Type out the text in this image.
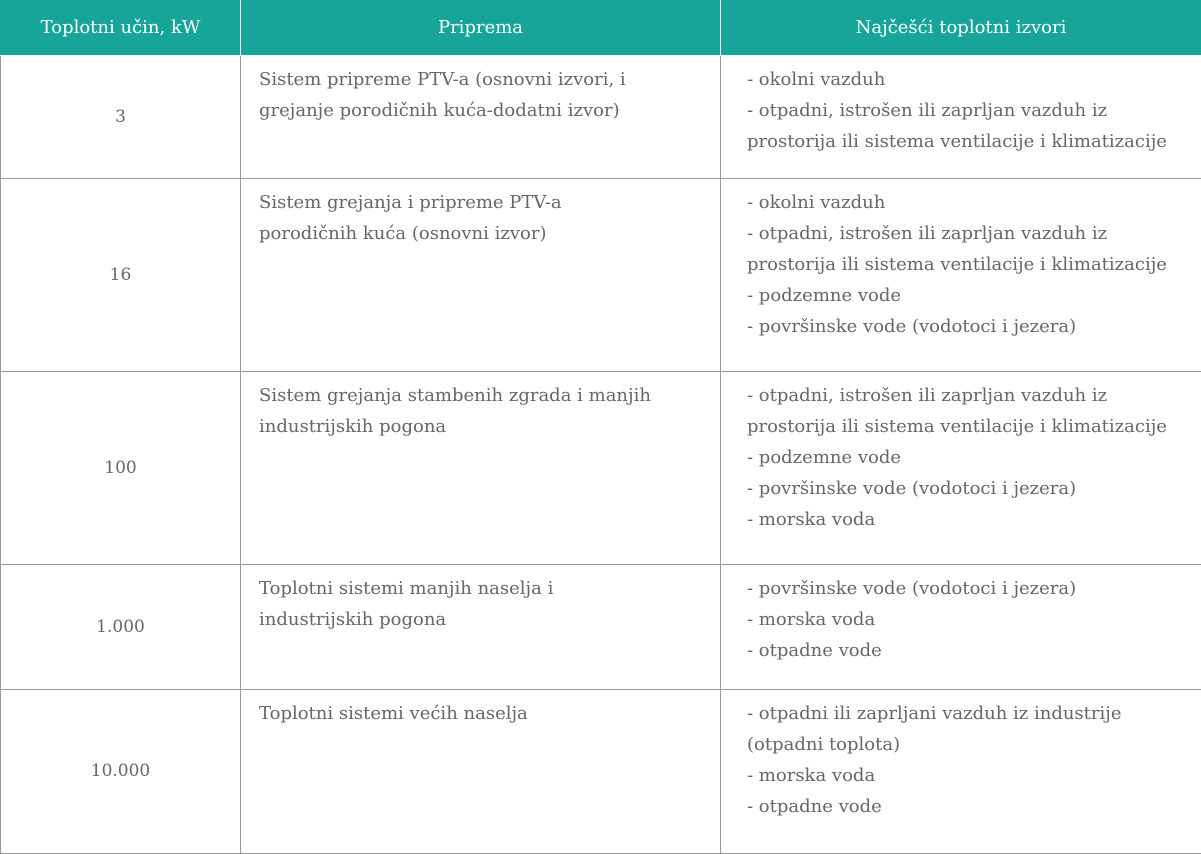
Toplotni učin, kW	Priprema	Najčešći toplotni izvori
3	Sistem pripreme PTV-a (osnovni izvori, i
grejanje porodičnih kuća-dodatni izvor)	- okolni vazduh
- otpadni, istrošen ili zaprljan vazduh iz
prostorija ili sistema ventilacije i klimatizacije

16	Sistem grejanja i pripreme PTV-a
porodičnih kuća (osnovni izvor)	- okolni vazduh
- otpadni, istrošen ili zaprljan vazduh iz
prostorija ili sistema ventilacije i klimatizacije
- podzemne vode
- površinske vode (vodotoci i jezera)

100	Sistem grejanja stambenih zgrada i manjih
industrijskih pogona	- otpadni, istrošen ili zaprljan vazduh iz
prostorija ili sistema ventilacije i klimatizacije
- podzemne vode
- površinske vode (vodotoci i jezera)
- morska voda

1.000	Toplotni sistemi manjih naselja i
industrijskih pogona	- površinske vode (vodotoci i jezera)
- morska voda
- otpadne vode

10.000	Toplotni sistemi većih naselja	- otpadni ili zaprljani vazduh iz industrije
(otpadni toplota)
- morska voda
- otpadne vode
